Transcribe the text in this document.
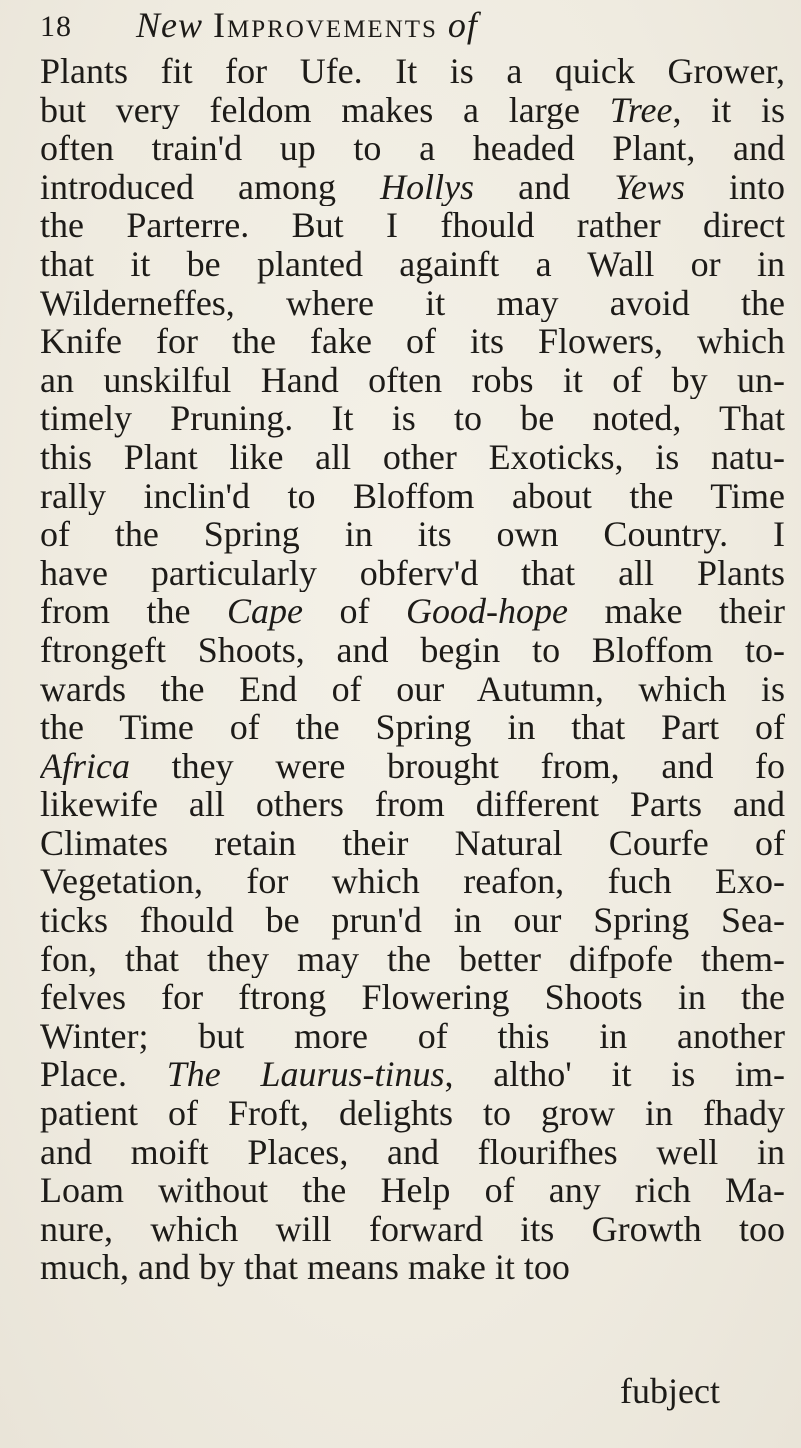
18 New Improvements of
Plants fit for Ufe. It is a quick Grower,
but very feldom makes a large Tree, it is
often train'd up to a headed Plant, and
introduced among Hollys and Yews into
the Parterre. But I fhould rather direct
that it be planted againft a Wall or in
Wilderneffes, where it may avoid the
Knife for the fake of its Flowers, which
an unskilful Hand often robs it of by un-
timely Pruning. It is to be noted, That
this Plant like all other Exoticks, is natu-
rally inclin'd to Bloffom about the Time
of the Spring in its own Country. I
have particularly obferv'd that all Plants
from the Cape of Good-hope make their
ftrongeft Shoots, and begin to Bloffom to-
wards the End of our Autumn, which is
the Time of the Spring in that Part of
Africa they were brought from, and fo
likewife all others from different Parts and
Climates retain their Natural Courfe of
Vegetation, for which reafon, fuch Exo-
ticks fhould be prun'd in our Spring Sea-
fon, that they may the better difpofe them-
felves for ftrong Flowering Shoots in the
Winter; but more of this in another
Place. The Laurus-tinus, altho' it is im-
patient of Froft, delights to grow in fhady
and moift Places, and flourifhes well in
Loam without the Help of any rich Ma-
nure, which will forward its Growth too
much, and by that means make it too
fubject
